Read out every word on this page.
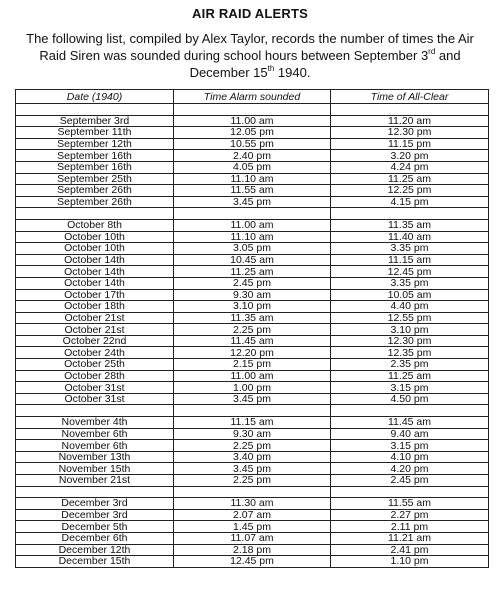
AIR RAID ALERTS
The following list, compiled by Alex Taylor, records the number of times the Air Raid Siren was sounded during school hours between September 3rd and December 15th 1940.
Date (1940)	Time Alarm sounded	Time of All-Clear

September 3rd	11.00 am	11.20 am
September 11th	12.05 pm	12.30 pm
September 12th	10.55 pm	11.15 pm
September 16th	2.40 pm	3.20 pm
September 16th	4.05 pm	4.24 pm
September 25th	11.10 am	11.25 am
September 26th	11.55 am	12.25 pm
September 26th	3.45 pm	4.15 pm

October 8th	11.00 am	11.35 am
October 10th	11.10 am	11.40 am
October 10th	3.05 pm	3.35 pm
October 14th	10.45 am	11.15 am
October 14th	11.25 am	12.45 pm
October 14th	2.45 pm	3.35 pm
October 17th	9.30 am	10.05 am
October 18th	3.10 pm	4.40 pm
October 21st	11.35 am	12.55 pm
October 21st	2.25 pm	3.10 pm
October 22nd	11.45 am	12.30 pm
October 24th	12.20 pm	12.35 pm
October 25th	2.15 pm	2.35 pm
October 28th	11.00 am	11.25 am
October 31st	1.00 pm	3.15 pm
October 31st	3.45 pm	4.50 pm

November 4th	11.15 am	11.45 am
November 6th	9.30 am	9.40 am
November 6th	2.25 pm	3.15 pm
November 13th	3.40 pm	4.10 pm
November 15th	3.45 pm	4.20 pm
November 21st	2.25 pm	2.45 pm

December 3rd	11.30 am	11.55 am
December 3rd	2.07 am	2.27 pm
December 5th	1.45 pm	2.11 pm
December 6th	11.07 am	11.21 am
December 12th	2.18 pm	2.41 pm
December 15th	12.45 pm	1.10 pm
